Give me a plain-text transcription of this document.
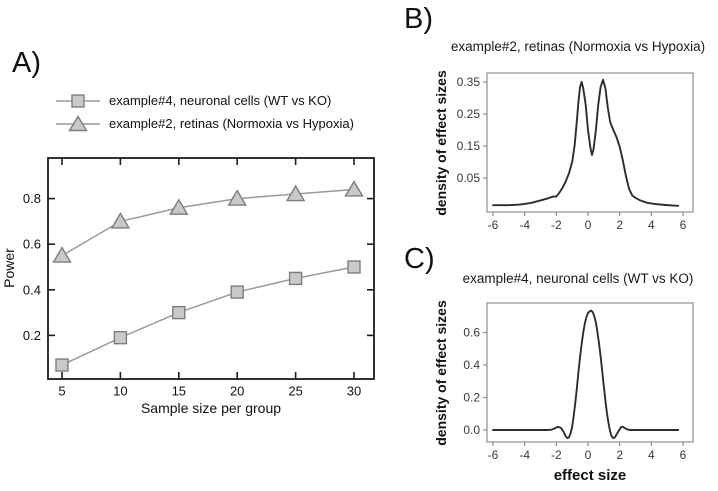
5	10	15	20	25	30
0.2
0.4
0.6
0.8
-6 -4 -2 0 2 4 6
0.05
0.15
0.25
0.35
-6 -4 -2 0 2 4 6
0.0
0.2
0.4
0.6
A)
example#4, neuronal cells (WT vs KO)
example#2, retinas (Normoxia vs Hypoxia)
Power
Sample size per group
B)
example#2, retinas (Normoxia vs Hypoxia)
density of effect sizes
C)
example#4, neuronal cells (WT vs KO)
density of effect sizes
effect size
